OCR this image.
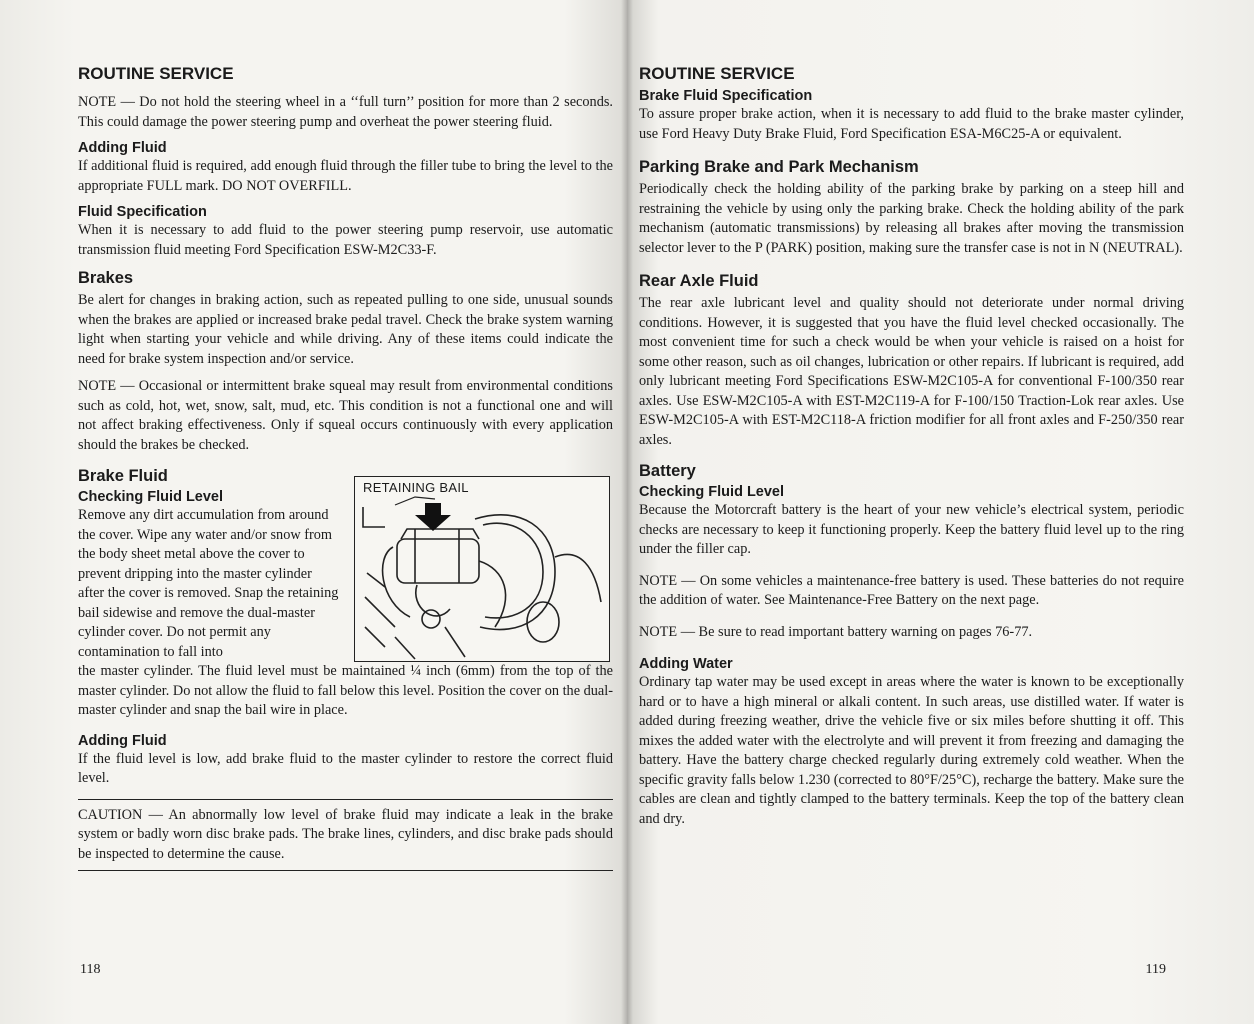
ROUTINE SERVICE

NOTE — Do not hold the steering wheel in a ‘‘full turn’’ position for more than 2 seconds. This could damage the power steering pump and overheat the power steering fluid.

Adding Fluid

If additional fluid is required, add enough fluid through the filler tube to bring the level to the appropriate FULL mark. DO NOT OVERFILL.

Fluid Specification

When it is necessary to add fluid to the power steering pump reservoir, use automatic transmission fluid meeting Ford Specification ESW-M2C33-F.

Brakes

Be alert for changes in braking action, such as repeated pulling to one side, unusual sounds when the brakes are applied or increased brake pedal travel. Check the brake system warning light when starting your vehicle and while driving. Any of these items could indicate the need for brake system inspection and/or service.

NOTE — Occasional or intermittent brake squeal may result from environmental conditions such as cold, hot, wet, snow, salt, mud, etc. This condition is not a functional one and will not affect braking effectiveness. Only if squeal occurs continuously with every application should the brakes be checked.

Brake Fluid
Checking Fluid Level

Remove any dirt accumulation from around the cover. Wipe any water and/or snow from the body sheet metal above the cover to prevent dripping into the master cylinder after the cover is removed. Snap the retaining bail sidewise and remove the dual-master cylinder cover. Do not permit any contamination to fall into

RETAINING BAIL

the master cylinder. The fluid level must be maintained ¼ inch (6mm) from the top of the master cylinder. Do not allow the fluid to fall below this level. Position the cover on the dual-master cylinder and snap the bail wire in place.

Adding Fluid

If the fluid level is low, add brake fluid to the master cylinder to restore the correct fluid level.

CAUTION — An abnormally low level of brake fluid may indicate a leak in the brake system or badly worn disc brake pads. The brake lines, cylinders, and disc brake pads should be inspected to determine the cause.

118
ROUTINE SERVICE
Brake Fluid Specification

To assure proper brake action, when it is necessary to add fluid to the brake master cylinder, use Ford Heavy Duty Brake Fluid, Ford Specification ESA-M6C25-A or equivalent.

Parking Brake and Park Mechanism

Periodically check the holding ability of the parking brake by parking on a steep hill and restraining the vehicle by using only the parking brake. Check the holding ability of the park mechanism (automatic transmissions) by releasing all brakes after moving the transmission selector lever to the P (PARK) position, making sure the transfer case is not in N (NEUTRAL).

Rear Axle Fluid

The rear axle lubricant level and quality should not deteriorate under normal driving conditions. However, it is suggested that you have the fluid level checked occasionally. The most convenient time for such a check would be when your vehicle is raised on a hoist for some other reason, such as oil changes, lubrication or other repairs. If lubricant is required, add only lubricant meeting Ford Specifications ESW-M2C105-A for conventional F-100/350 rear axles. Use ESW-M2C105-A with EST-M2C119-A for F-100/150 Traction-Lok rear axles. Use ESW-M2C105-A with EST-M2C118-A friction modifier for all front axles and F-250/350 rear axles.

Battery
Checking Fluid Level

Because the Motorcraft battery is the heart of your new vehicle’s electrical system, periodic checks are necessary to keep it functioning properly. Keep the battery fluid level up to the ring under the filler cap.

NOTE — On some vehicles a maintenance-free battery is used. These batteries do not require the addition of water. See Maintenance-Free Battery on the next page.

NOTE — Be sure to read important battery warning on pages 76-77.

Adding Water

Ordinary tap water may be used except in areas where the water is known to be exceptionally hard or to have a high mineral or alkali content. In such areas, use distilled water. If water is added during freezing weather, drive the vehicle five or six miles before shutting it off. This mixes the added water with the electrolyte and will prevent it from freezing and damaging the battery. Have the battery charge checked regularly during extremely cold weather. When the specific gravity falls below 1.230 (corrected to 80°F/25°C), recharge the battery. Make sure the cables are clean and tightly clamped to the battery terminals. Keep the top of the battery clean and dry.

119
